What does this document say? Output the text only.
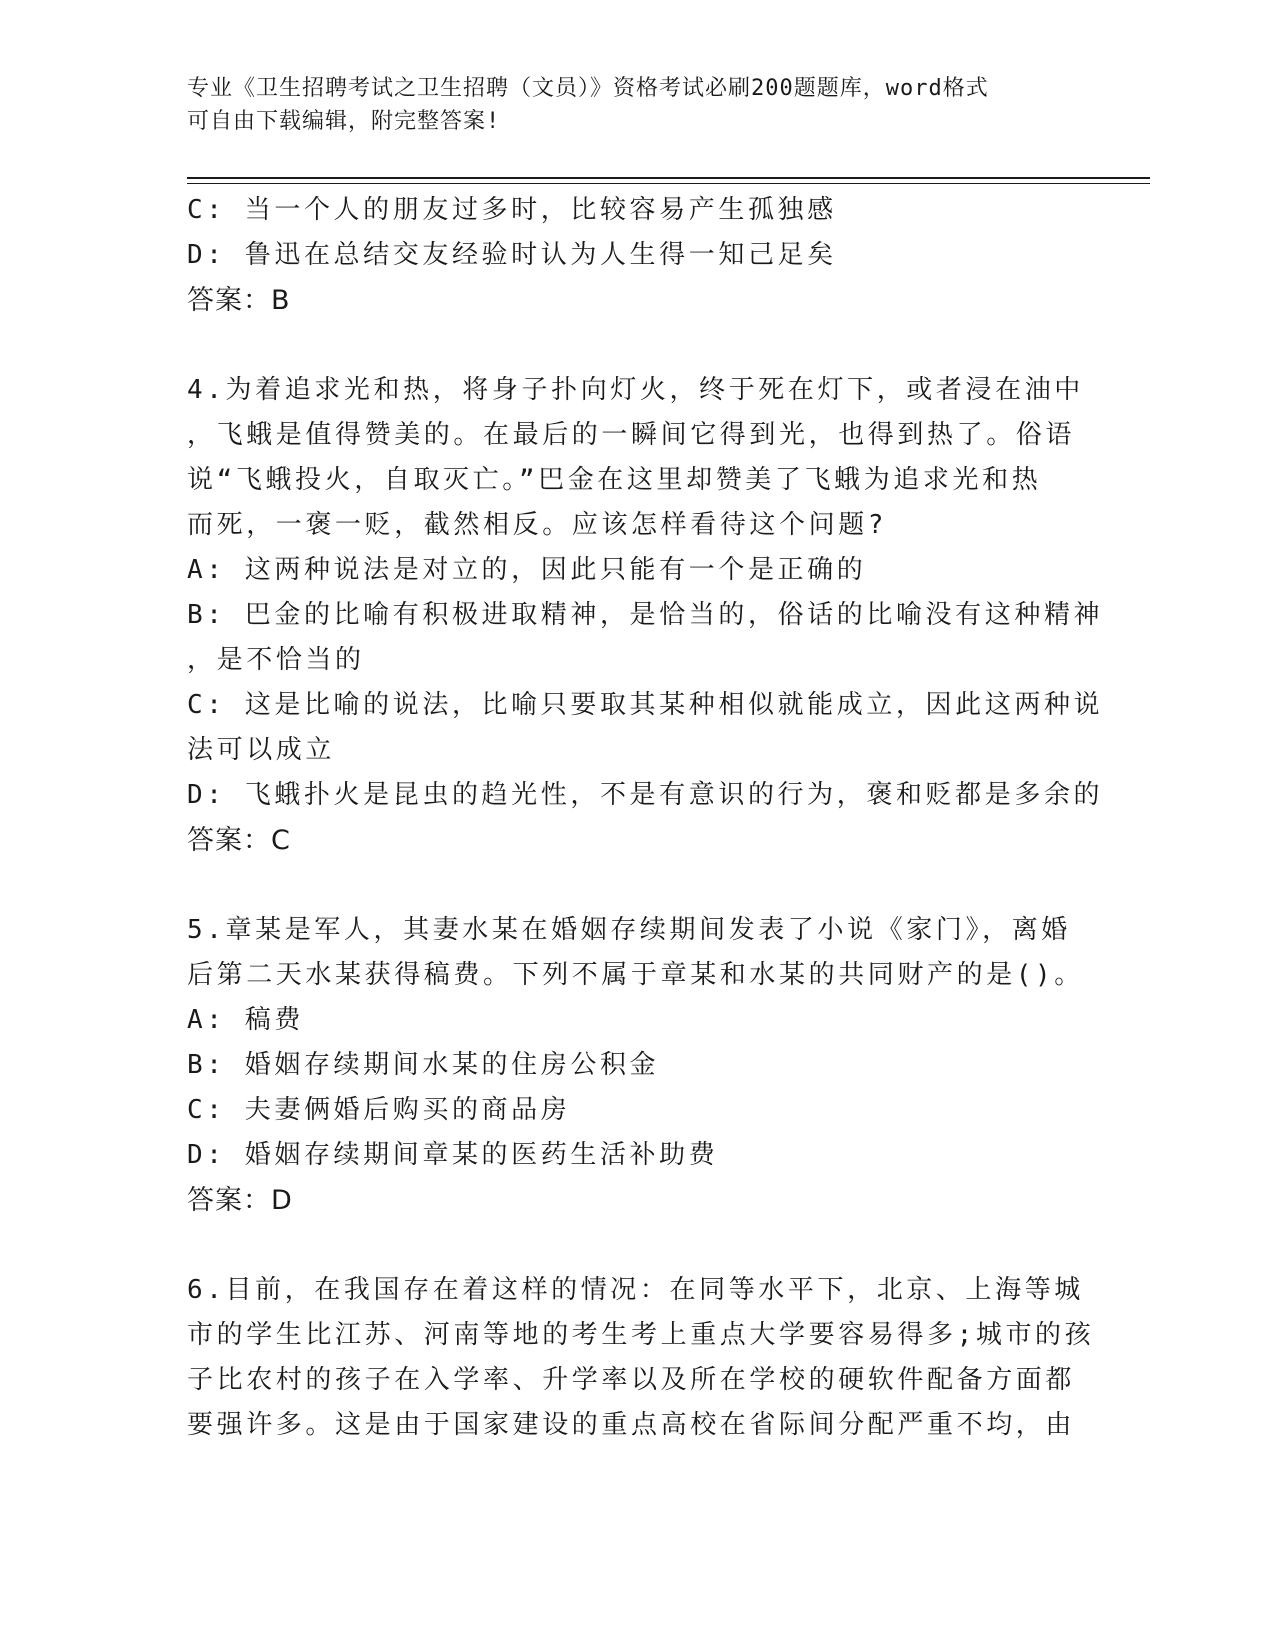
专业《卫生招聘考试之卫生招聘（文员）》资格考试必刷200题题库，word格式
可自由下载编辑，附完整答案!
C: 当一个人的朋友过多时，比较容易产生孤独感
D: 鲁迅在总结交友经验时认为人生得一知己足矣
答案：B
4.为着追求光和热，将身子扑向灯火，终于死在灯下，或者浸在油中
，飞蛾是值得赞美的。在最后的一瞬间它得到光，也得到热了。俗语
说“飞蛾投火，自取灭亡。”巴金在这里却赞美了飞蛾为追求光和热
而死，一褒一贬，截然相反。应该怎样看待这个问题?
A: 这两种说法是对立的，因此只能有一个是正确的
B: 巴金的比喻有积极进取精神，是恰当的，俗话的比喻没有这种精神
，是不恰当的
C: 这是比喻的说法，比喻只要取其某种相似就能成立，因此这两种说
法可以成立
D: 飞蛾扑火是昆虫的趋光性，不是有意识的行为，褒和贬都是多余的
答案：C
5.章某是军人，其妻水某在婚姻存续期间发表了小说《家门》，离婚
后第二天水某获得稿费。下列不属于章某和水某的共同财产的是()。
A: 稿费
B: 婚姻存续期间水某的住房公积金
C: 夫妻俩婚后购买的商品房
D: 婚姻存续期间章某的医药生活补助费
答案：D
6.目前，在我国存在着这样的情况：在同等水平下，北京、上海等城
市的学生比江苏、河南等地的考生考上重点大学要容易得多;城市的孩
子比农村的孩子在入学率、升学率以及所在学校的硬软件配备方面都
要强许多。这是由于国家建设的重点高校在省际间分配严重不均，由
